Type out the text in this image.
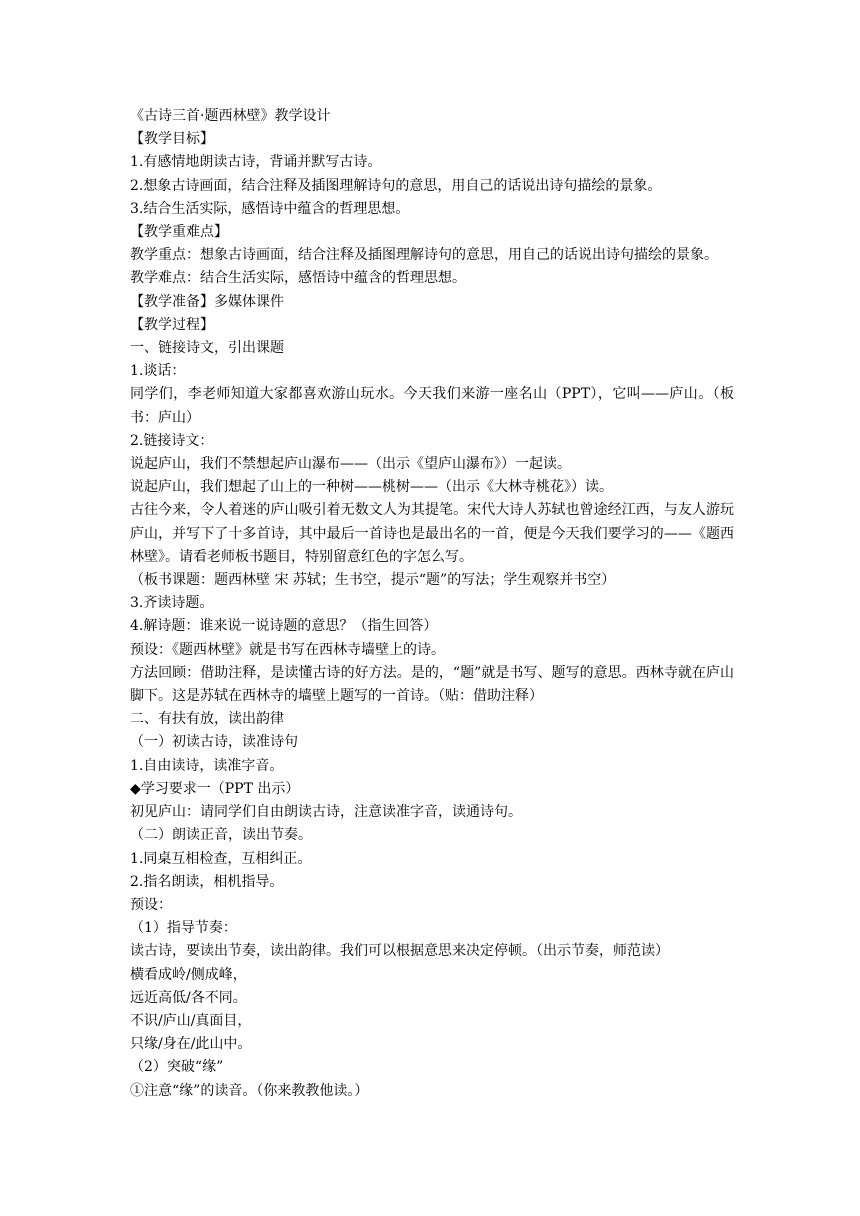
《古诗三首·题西林壁》教学设计

【教学目标】

1.有感情地朗读古诗，背诵并默写古诗。

2.想象古诗画面，结合注释及插图理解诗句的意思，用自己的话说出诗句描绘的景象。

3.结合生活实际，感悟诗中蕴含的哲理思想。

【教学重难点】

教学重点：想象古诗画面，结合注释及插图理解诗句的意思，用自己的话说出诗句描绘的景象。

教学难点：结合生活实际，感悟诗中蕴含的哲理思想。

【教学准备】多媒体课件

【教学过程】

一、链接诗文，引出课题

1.谈话：

同学们，李老师知道大家都喜欢游山玩水。今天我们来游一座名山（PPT），它叫——庐山。（板书：庐山）

2.链接诗文：

说起庐山，我们不禁想起庐山瀑布——（出示《望庐山瀑布》）一起读。

说起庐山，我们想起了山上的一种树——桃树——（出示《大林寺桃花》）读。

古往今来，令人着迷的庐山吸引着无数文人为其提笔。宋代大诗人苏轼也曾途经江西，与友人游玩庐山，并写下了十多首诗，其中最后一首诗也是最出名的一首，便是今天我们要学习的——《题西林壁》。请看老师板书题目，特别留意红色的字怎么写。

（板书课题：题西林壁 宋 苏轼；生书空，提示“题”的写法；学生观察并书空）

3.齐读诗题。

4.解诗题：谁来说一说诗题的意思？（指生回答）

预设：《题西林壁》就是书写在西林寺墙壁上的诗。

方法回顾：借助注释，是读懂古诗的好方法。是的，“题”就是书写、题写的意思。西林寺就在庐山脚下。这是苏轼在西林寺的墙壁上题写的一首诗。（贴：借助注释）

二、有扶有放，读出韵律

（一）初读古诗，读准诗句

1.自由读诗，读准字音。

◆学习要求一（PPT 出示）

初见庐山：请同学们自由朗读古诗，注意读准字音，读通诗句。

（二）朗读正音，读出节奏。

1.同桌互相检查，互相纠正。

2.指名朗读，相机指导。

预设：

（1）指导节奏：

读古诗，要读出节奏，读出韵律。我们可以根据意思来决定停顿。（出示节奏，师范读）

横看成岭/侧成峰，

远近高低/各不同。

不识/庐山/真面目，

只缘/身在/此山中。

（2）突破“缘”

①注意“缘”的读音。（你来教教他读。）
